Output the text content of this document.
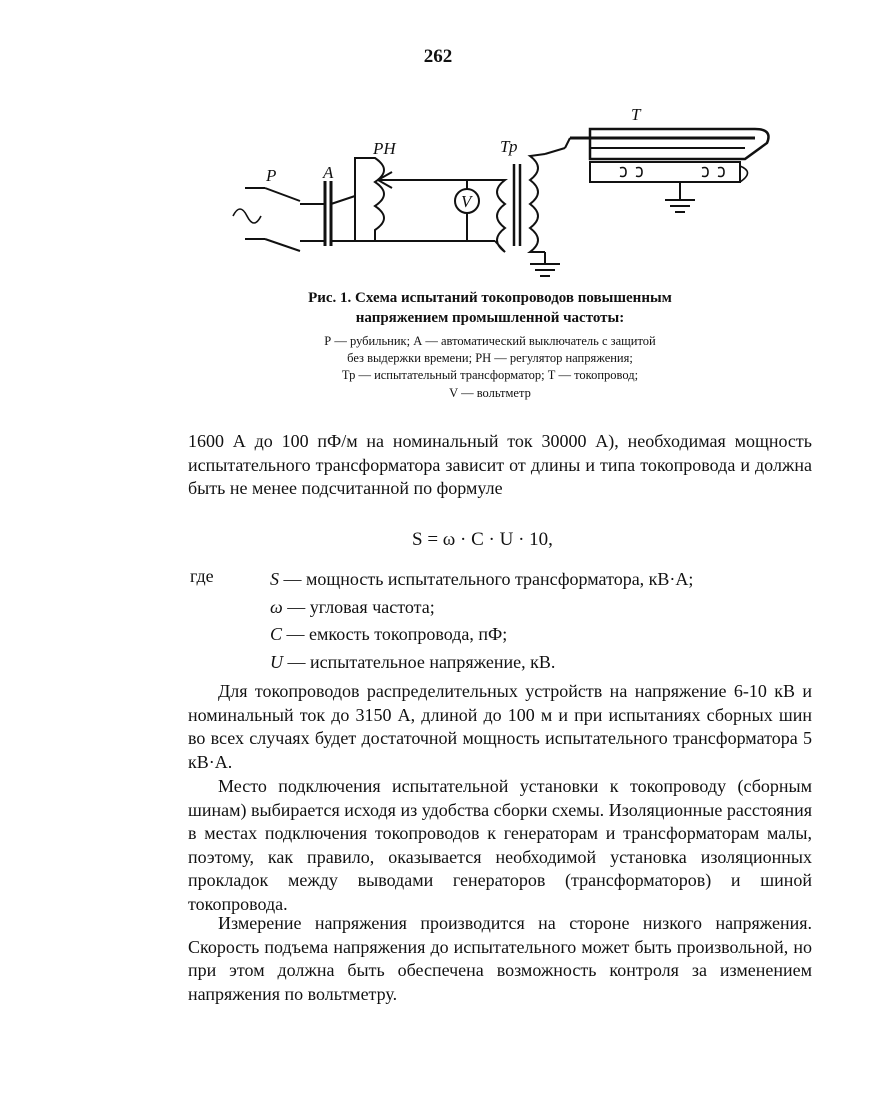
262
V
Р	А
РН	Тр
Т
Рис. 1. Схема испытаний токопроводов повышенным
напряжением промышленной частоты:
Р — рубильник; А — автоматический выключатель с защитой
без выдержки времени; РН — регулятор напряжения;
Тр — испытательный трансформатор; Т — токопровод;
V — вольтметр
1600 А до 100 пФ/м на номинальный ток 30000 А), необходимая мощность испытательного трансформатора зависит от длины и типа токопровода и должна быть не менее подсчитанной по формуле
S = ω · C · U · 10,
где	S — мощность испытательного трансформатора, кВ·А;
ω — угловая частота;
C — емкость токопровода, пФ;
U — испытательное напряжение, кВ.
Для токопроводов распределительных устройств на напряжение 6-10 кВ и номинальный ток до 3150 А, длиной до 100 м и при испытаниях сборных шин во всех случаях будет достаточной мощность испытательного трансформатора 5 кВ·А.
Место подключения испытательной установки к токопроводу (сборным шинам) выбирается исходя из удобства сборки схемы. Изоляционные расстояния в местах подключения токопроводов к генераторам и трансформаторам малы, поэтому, как правило, оказывается необходимой установка изоляционных прокладок между выводами генераторов (трансформаторов) и шиной токопровода.
Измерение напряжения производится на стороне низкого напряжения. Скорость подъема напряжения до испытательного может быть произвольной, но при этом должна быть обеспечена возможность контроля за изменением напряжения по вольтметру.
